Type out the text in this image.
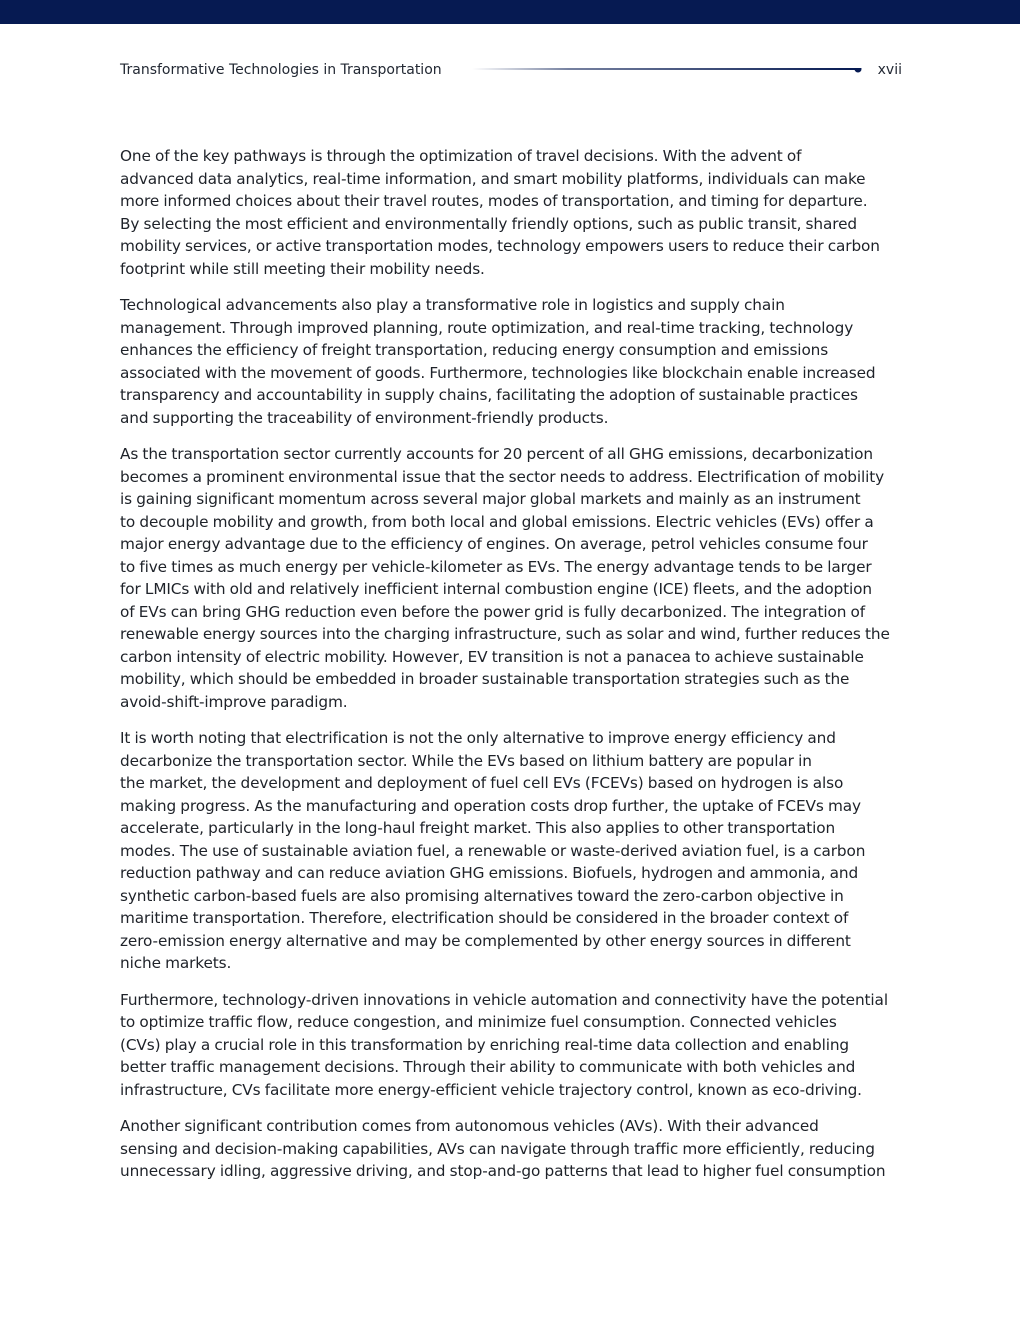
Transformative Technologies in Transportation	xvii

One of the key pathways is through the optimization of travel decisions. With the advent of
advanced data analytics, real-time information, and smart mobility platforms, individuals can make
more informed choices about their travel routes, modes of transportation, and timing for departure.
By selecting the most efficient and environmentally friendly options, such as public transit, shared
mobility services, or active transportation modes, technology empowers users to reduce their carbon
footprint while still meeting their mobility needs.

Technological advancements also play a transformative role in logistics and supply chain
management. Through improved planning, route optimization, and real-time tracking, technology
enhances the efficiency of freight transportation, reducing energy consumption and emissions
associated with the movement of goods. Furthermore, technologies like blockchain enable increased
transparency and accountability in supply chains, facilitating the adoption of sustainable practices
and supporting the traceability of environment-friendly products.

As the transportation sector currently accounts for 20 percent of all GHG emissions, decarbonization
becomes a prominent environmental issue that the sector needs to address. Electrification of mobility
is gaining significant momentum across several major global markets and mainly as an instrument
to decouple mobility and growth, from both local and global emissions. Electric vehicles (EVs) offer a
major energy advantage due to the efficiency of engines. On average, petrol vehicles consume four
to five times as much energy per vehicle-kilometer as EVs. The energy advantage tends to be larger
for LMICs with old and relatively inefficient internal combustion engine (ICE) fleets, and the adoption
of EVs can bring GHG reduction even before the power grid is fully decarbonized. The integration of
renewable energy sources into the charging infrastructure, such as solar and wind, further reduces the
carbon intensity of electric mobility. However, EV transition is not a panacea to achieve sustainable
mobility, which should be embedded in broader sustainable transportation strategies such as the
avoid-shift-improve paradigm.

It is worth noting that electrification is not the only alternative to improve energy efficiency and
decarbonize the transportation sector. While the EVs based on lithium battery are popular in
the market, the development and deployment of fuel cell EVs (FCEVs) based on hydrogen is also
making progress. As the manufacturing and operation costs drop further, the uptake of FCEVs may
accelerate, particularly in the long-haul freight market. This also applies to other transportation
modes. The use of sustainable aviation fuel, a renewable or waste-derived aviation fuel, is a carbon
reduction pathway and can reduce aviation GHG emissions. Biofuels, hydrogen and ammonia, and
synthetic carbon-based fuels are also promising alternatives toward the zero-carbon objective in
maritime transportation. Therefore, electrification should be considered in the broader context of
zero-emission energy alternative and may be complemented by other energy sources in different
niche markets.

Furthermore, technology-driven innovations in vehicle automation and connectivity have the potential
to optimize traffic flow, reduce congestion, and minimize fuel consumption. Connected vehicles
(CVs) play a crucial role in this transformation by enriching real-time data collection and enabling
better traffic management decisions. Through their ability to communicate with both vehicles and
infrastructure, CVs facilitate more energy-efficient vehicle trajectory control, known as eco-driving.

Another significant contribution comes from autonomous vehicles (AVs). With their advanced
sensing and decision-making capabilities, AVs can navigate through traffic more efficiently, reducing
unnecessary idling, aggressive driving, and stop-and-go patterns that lead to higher fuel consumption
